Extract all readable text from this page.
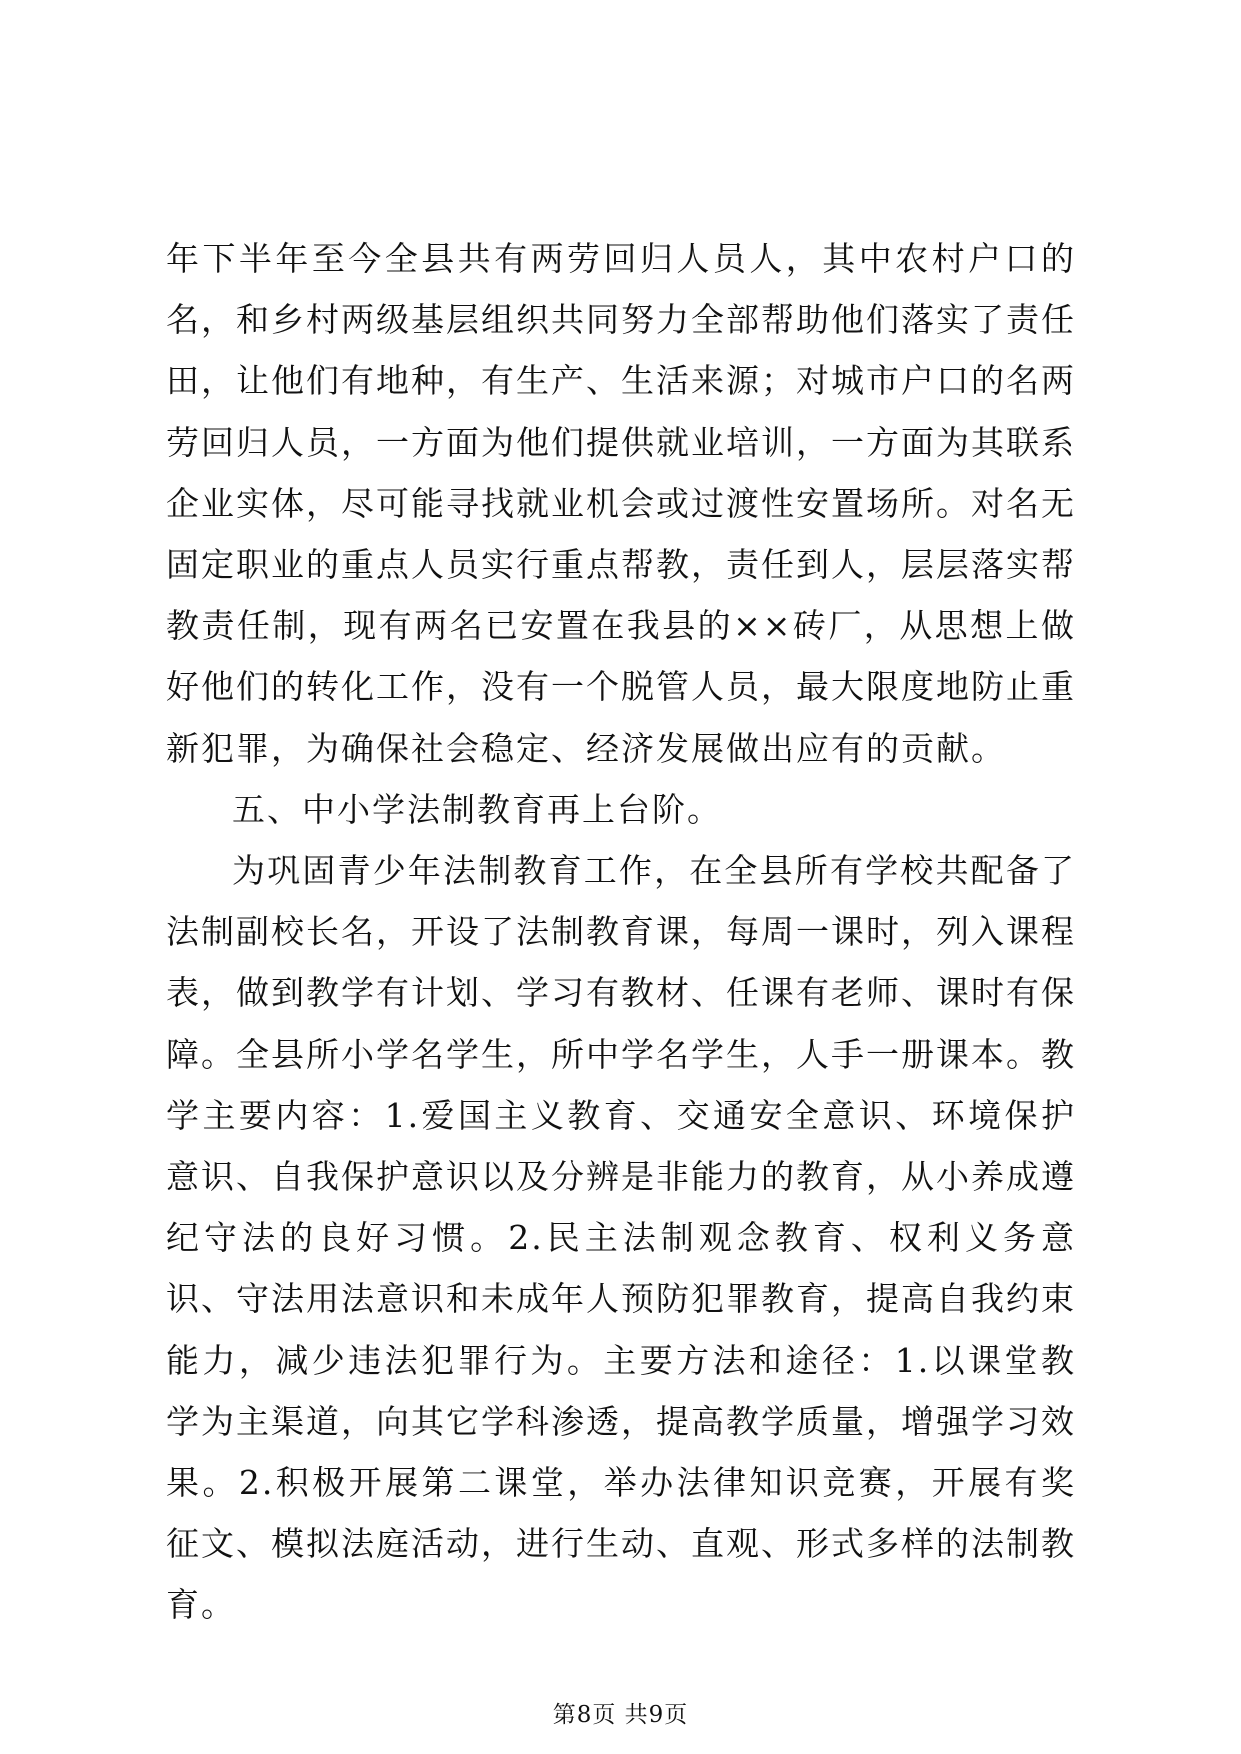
年下半年至今全县共有两劳回归人员人，其中农村户口的名，和乡村两级基层组织共同努力全部帮助他们落实了责任田，让他们有地种，有生产、生活来源；对城市户口的名两劳回归人员，一方面为他们提供就业培训，一方面为其联系企业实体，尽可能寻找就业机会或过渡性安置场所。对名无固定职业的重点人员实行重点帮教，责任到人，层层落实帮教责任制，现有两名已安置在我县的××砖厂，从思想上做好他们的转化工作，没有一个脱管人员，最大限度地防止重新犯罪，为确保社会稳定、经济发展做出应有的贡献。

五、中小学法制教育再上台阶。

为巩固青少年法制教育工作，在全县所有学校共配备了法制副校长名，开设了法制教育课，每周一课时，列入课程表，做到教学有计划、学习有教材、任课有老师、课时有保障。全县所小学名学生，所中学名学生，人手一册课本。教学主要内容：1.爱国主义教育、交通安全意识、环境保护意识、自我保护意识以及分辨是非能力的教育，从小养成遵纪守法的良好习惯。2.民主法制观念教育、权利义务意识、守法用法意识和未成年人预防犯罪教育，提高自我约束能力，减少违法犯罪行为。主要方法和途径：1.以课堂教学为主渠道，向其它学科渗透，提高教学质量，增强学习效果。2.积极开展第二课堂，举办法律知识竞赛，开展有奖征文、模拟法庭活动，进行生动、直观、形式多样的法制教育。

第8页 共9页
